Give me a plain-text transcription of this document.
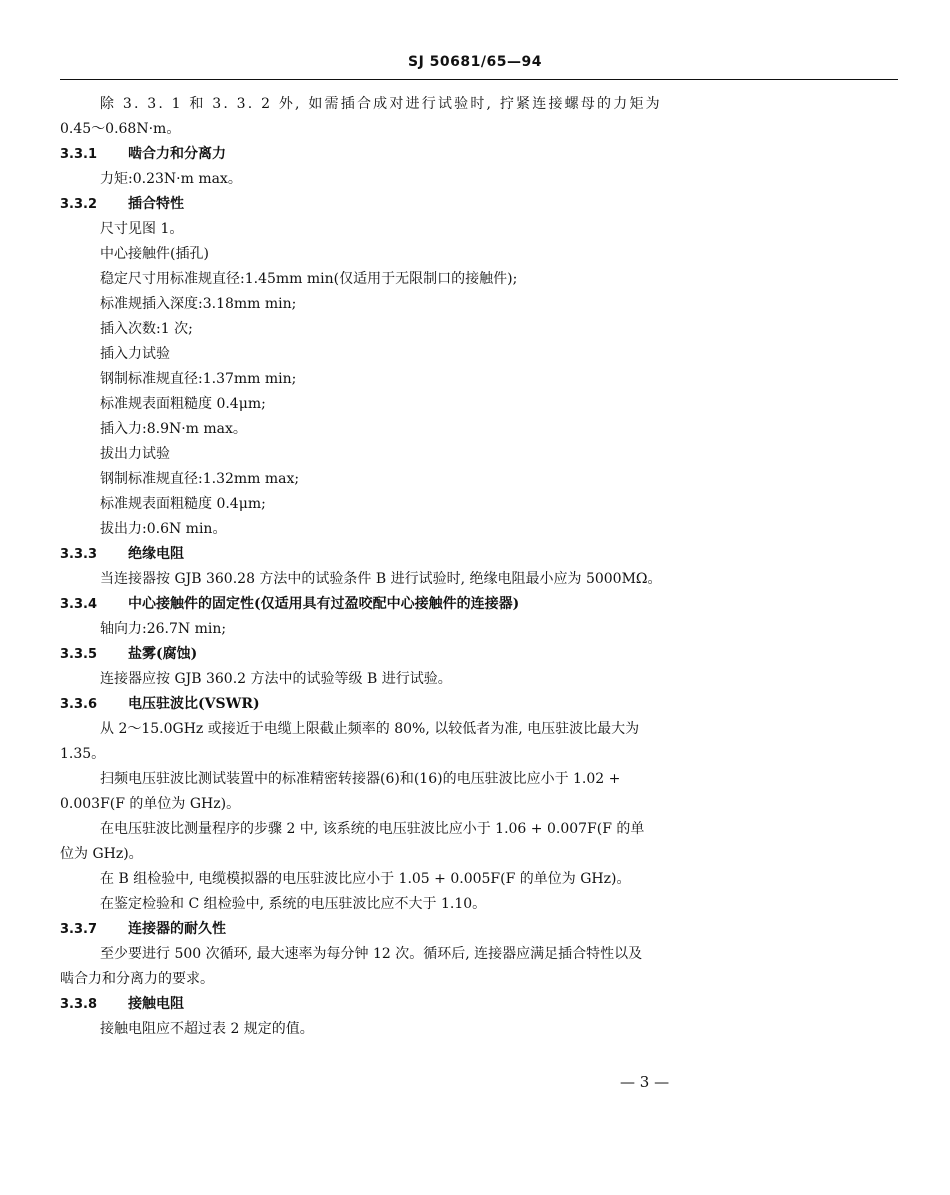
SJ 50681/65—94

除 3. 3. 1 和 3. 3. 2 外, 如需插合成对进行试验时, 拧紧连接螺母的力矩为

0.45～0.68N·m。

3.3.1 啮合力和分离力

力矩:0.23N·m max。

3.3.2 插合特性

尺寸见图 1。

中心接触件(插孔)

稳定尺寸用标准规直径:1.45mm min(仅适用于无限制口的接触件);

标准规插入深度:3.18mm min;

插入次数:1 次;

插入力试验

钢制标准规直径:1.37mm min;

标准规表面粗糙度 0.4μm;

插入力:8.9N·m max。

拔出力试验

钢制标准规直径:1.32mm max;

标准规表面粗糙度 0.4μm;

拔出力:0.6N min。

3.3.3 绝缘电阻

当连接器按 GJB 360.28 方法中的试验条件 B 进行试验时, 绝缘电阻最小应为 5000MΩ。

3.3.4 中心接触件的固定性(仅适用具有过盈咬配中心接触件的连接器)

轴向力:26.7N min;

3.3.5 盐雾(腐蚀)

连接器应按 GJB 360.2 方法中的试验等级 B 进行试验。

3.3.6 电压驻波比(VSWR)

从 2～15.0GHz 或接近于电缆上限截止频率的 80%, 以较低者为准, 电压驻波比最大为

1.35。

扫频电压驻波比测试装置中的标准精密转接器(6)和(16)的电压驻波比应小于 1.02 +

0.003F(F 的单位为 GHz)。

在电压驻波比测量程序的步骤 2 中, 该系统的电压驻波比应小于 1.06 + 0.007F(F 的单

位为 GHz)。

在 B 组检验中, 电缆模拟器的电压驻波比应小于 1.05 + 0.005F(F 的单位为 GHz)。

在鉴定检验和 C 组检验中, 系统的电压驻波比应不大于 1.10。

3.3.7 连接器的耐久性

至少要进行 500 次循环, 最大速率为每分钟 12 次。循环后, 连接器应满足插合特性以及

啮合力和分离力的要求。

3.3.8 接触电阻

接触电阻应不超过表 2 规定的值。

— 3 —
